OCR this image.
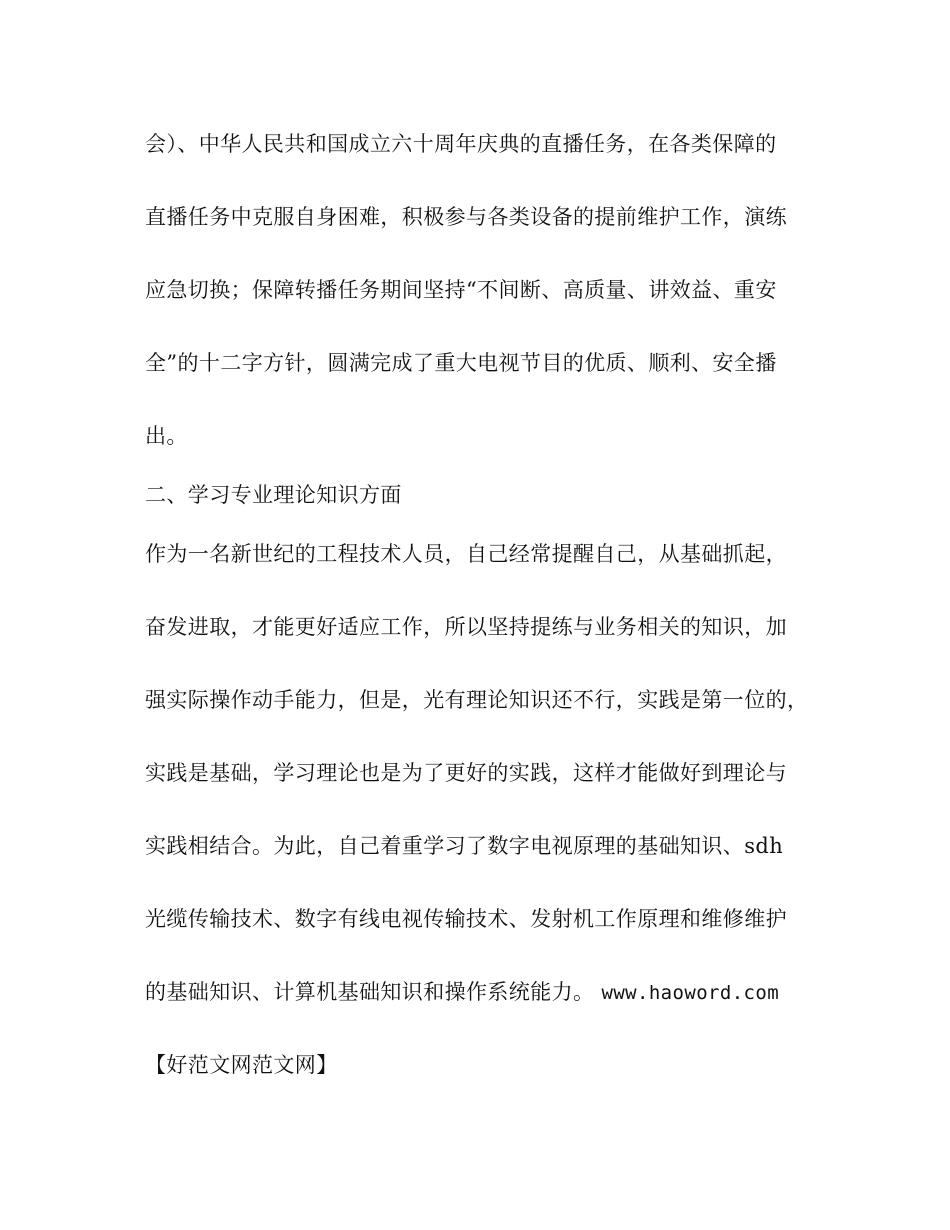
会）、中华人民共和国成立六十周年庆典的直播任务，在各类保障的
直播任务中克服自身困难，积极参与各类设备的提前维护工作，演练
应急切换；保障转播任务期间坚持“不间断、高质量、讲效益、重安
全”的十二字方针，圆满完成了重大电视节目的优质、顺利、安全播
出。
二、学习专业理论知识方面
作为一名新世纪的工程技术人员，自己经常提醒自己，从基础抓起，
奋发进取，才能更好适应工作，所以坚持提练与业务相关的知识，加
强实际操作动手能力，但是，光有理论知识还不行，实践是第一位的，
实践是基础，学习理论也是为了更好的实践，这样才能做好到理论与
实践相结合。为此，自己着重学习了数字电视原理的基础知识、sdh
光缆传输技术、数字有线电视传输技术、发射机工作原理和维修维护
的基础知识、计算机基础知识和操作系统能力。 www.haoword.com
【好范文网范文网】
